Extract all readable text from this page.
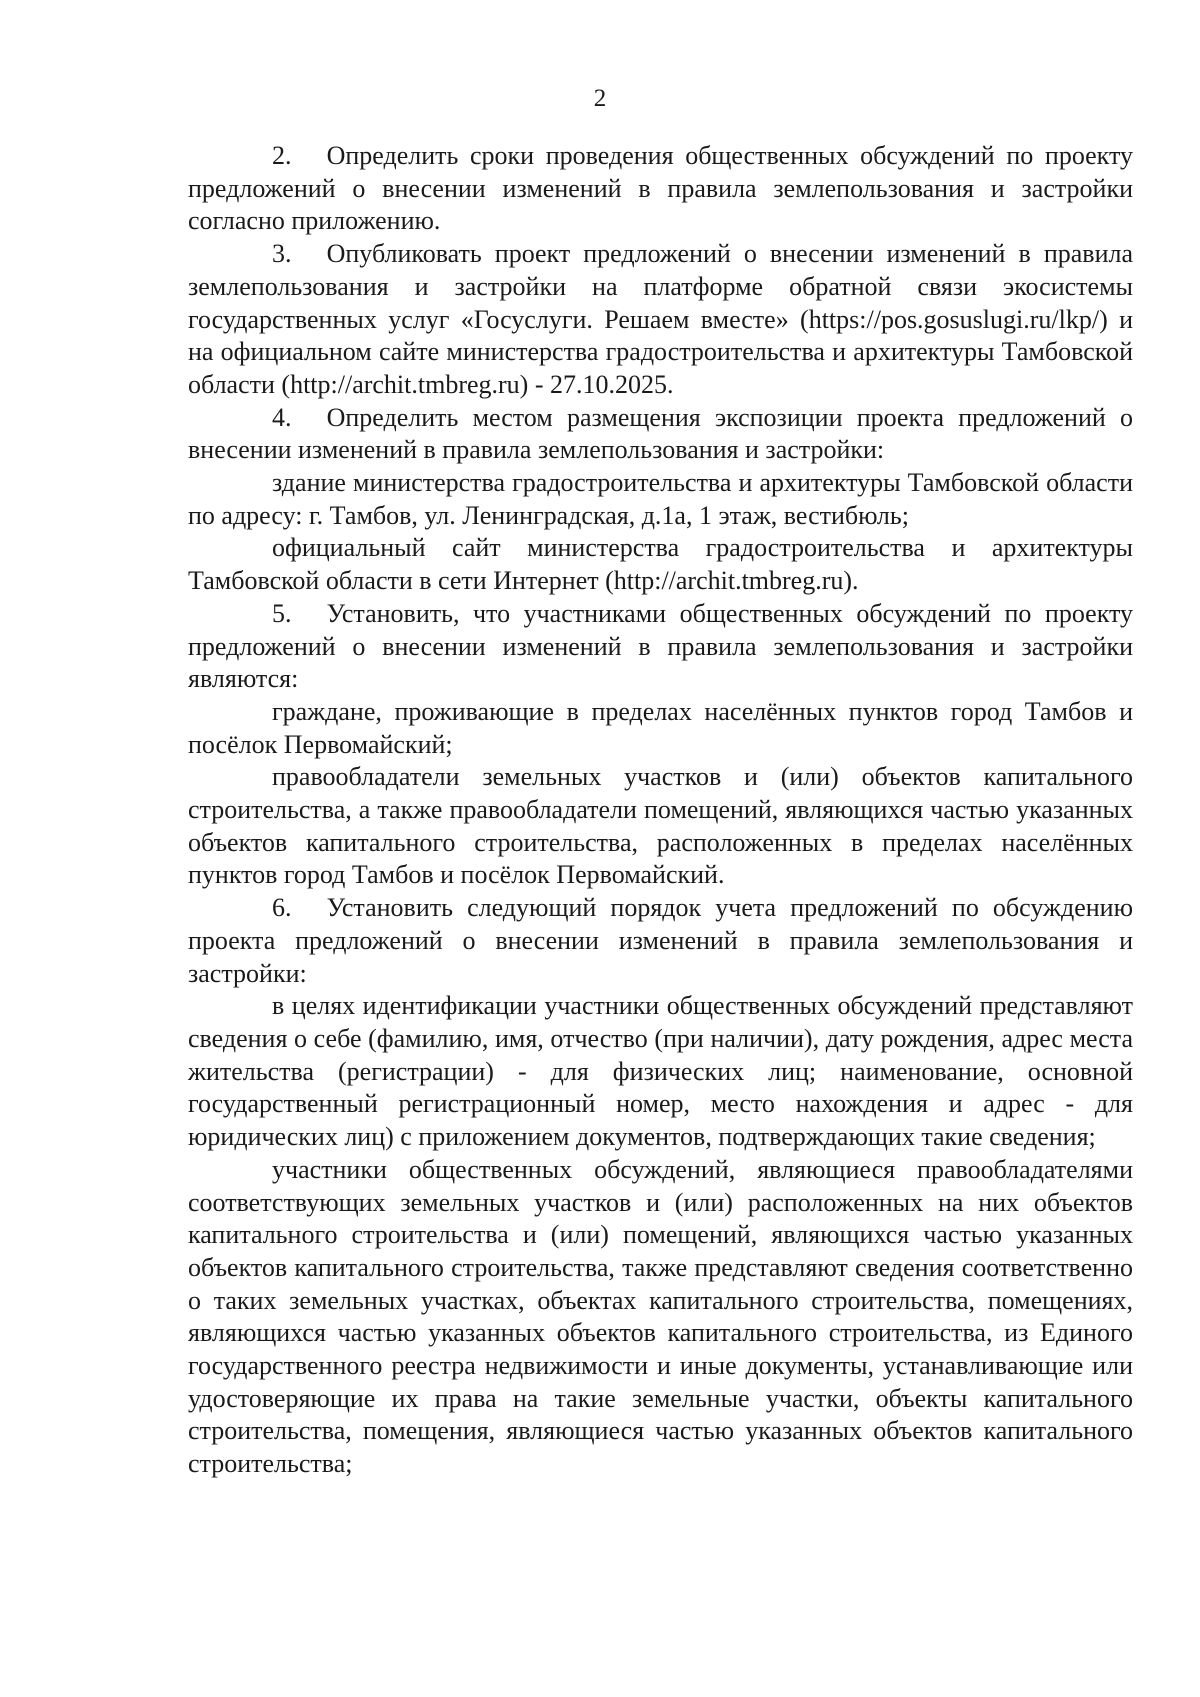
2

2. Определить сроки проведения общественных обсуждений по проекту предложений о внесении изменений в правила землепользования и застройки согласно приложению.

3. Опубликовать проект предложений о внесении изменений в правила землепользования и застройки на платформе обратной связи экосистемы государственных услуг «Госуслуги. Решаем вместе» (https://pos.gosuslugi.ru/lkp/) и на официальном сайте министерства градостроительства и архитектуры Тамбовской области (http://archit.tmbreg.ru) - 27.10.2025.

4. Определить местом размещения экспозиции проекта предложений о внесении изменений в правила землепользования и застройки:

здание министерства градостроительства и архитектуры Тамбовской области по адресу: г. Тамбов, ул. Ленинградская, д.1а, 1 этаж, вестибюль;

официальный сайт министерства градостроительства и архитектуры Тамбовской области в сети Интернет (http://archit.tmbreg.ru).

5. Установить, что участниками общественных обсуждений по проекту предложений о внесении изменений в правила землепользования и застройки являются:

граждане, проживающие в пределах населённых пунктов город Тамбов и посёлок Первомайский;

правообладатели земельных участков и (или) объектов капитального строительства, а также правообладатели помещений, являющихся частью указанных объектов капитального строительства, расположенных в пределах населённых пунктов город Тамбов и посёлок Первомайский.

6. Установить следующий порядок учета предложений по обсуждению проекта предложений о внесении изменений в правила землепользования и застройки:

в целях идентификации участники общественных обсуждений представляют сведения о себе (фамилию, имя, отчество (при наличии), дату рождения, адрес места жительства (регистрации) - для физических лиц; наименование, основной государственный регистрационный номер, место нахождения и адрес - для юридических лиц) с приложением документов, подтверждающих такие сведения;

участники общественных обсуждений, являющиеся правообладателями соответствующих земельных участков и (или) расположенных на них объектов капитального строительства и (или) помещений, являющихся частью указанных объектов капитального строительства, также представляют сведения соответственно о таких земельных участках, объектах капитального строительства, помещениях, являющихся частью указанных объектов капитального строительства, из Единого государственного реестра недвижимости и иные документы, устанавливающие или удостоверяющие их права на такие земельные участки, объекты капитального строительства, помещения, являющиеся частью указанных объектов капитального строительства;
